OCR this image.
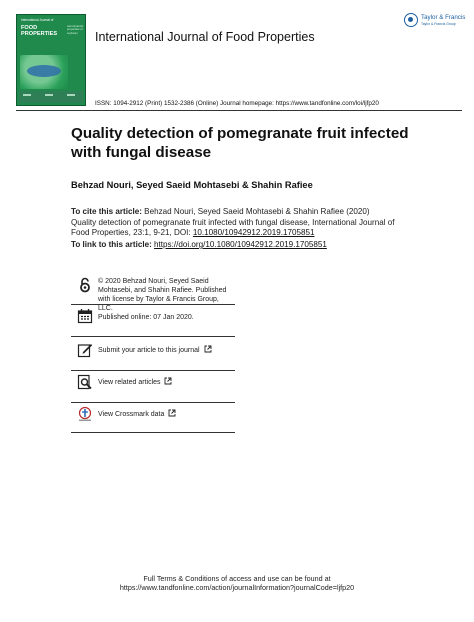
International Journal of
FOOD PROPERTIES
Aerodynamic properties of soybean	International Journal of Food Properties
Taylor & Francis
Taylor & Francis Group
ISSN: 1094-2912 (Print) 1532-2386 (Online) Journal homepage: https://www.tandfonline.com/loi/ljfp20
Quality detection of pomegranate fruit infected with fungal disease
Behzad Nouri, Seyed Saeid Mohtasebi & Shahin Rafiee
To cite this article: Behzad Nouri, Seyed Saeid Mohtasebi & Shahin Rafiee (2020) Quality detection of pomegranate fruit infected with fungal disease, International Journal of Food Properties, 23:1, 9-21, DOI: 10.1080/10942912.2019.1705851
To link to this article: https://doi.org/10.1080/10942912.2019.1705851
© 2020 Behzad Nouri, Seyed Saeid Mohtasebi, and Shahin Rafiee. Published with license by Taylor & Francis Group, LLC.
Published online: 07 Jan 2020.
Submit your article to this journal
View related articles
View Crossmark data
Full Terms & Conditions of access and use can be found at
https://www.tandfonline.com/action/journalInformation?journalCode=ljfp20
